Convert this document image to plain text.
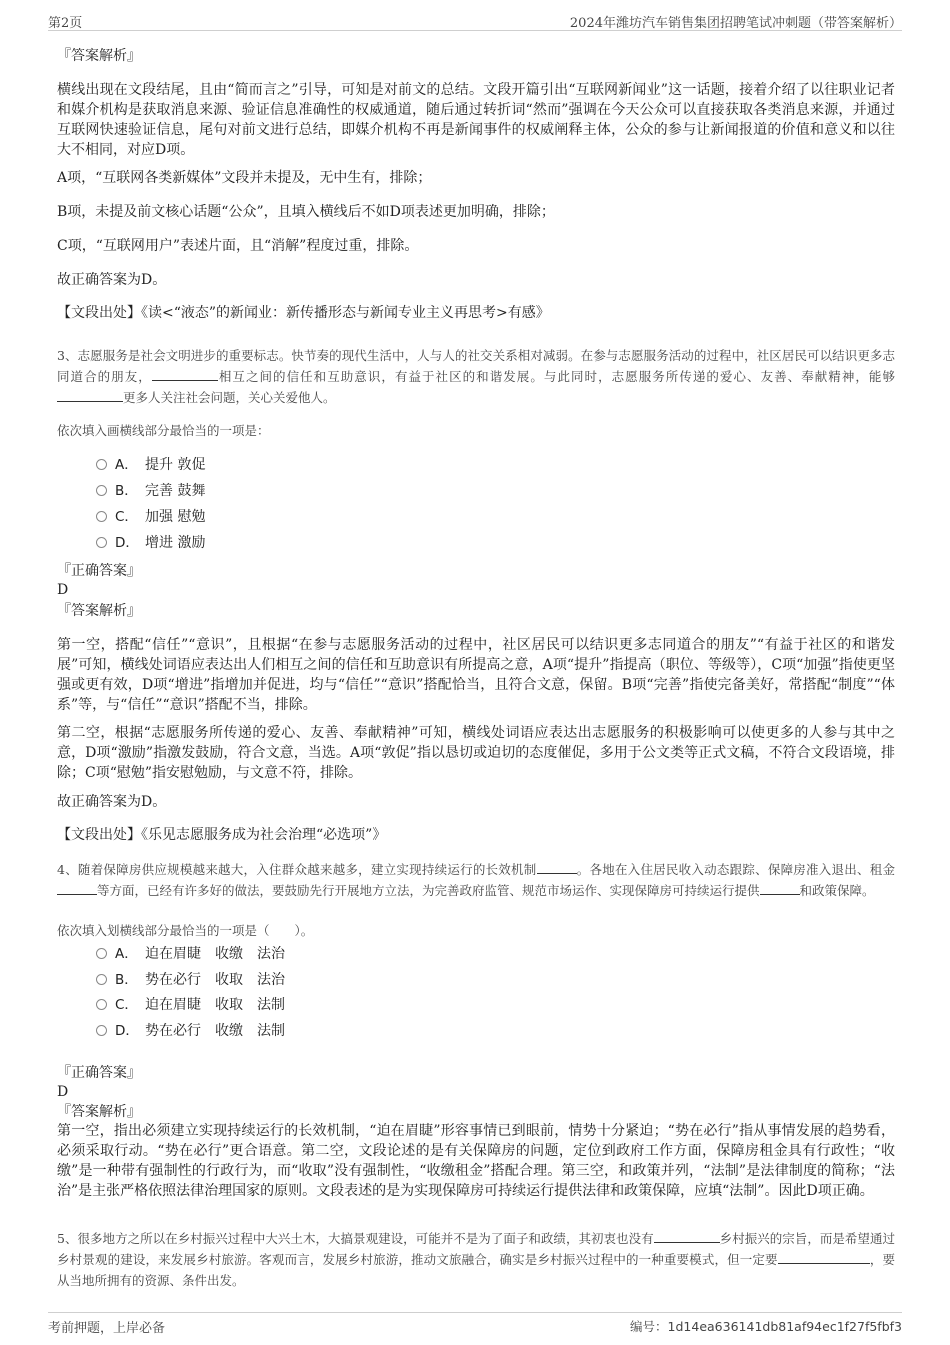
第2页	2024年潍坊汽车销售集团招聘笔试冲刺题（带答案解析）

『答案解析』

横线出现在文段结尾，且由“简而言之”引导，可知是对前文的总结。文段开篇引出“互联网新闻业”这一话题，接着介绍了以往职业记者和媒介机构是获取消息来源、验证信息准确性的权威通道，随后通过转折词“然而”强调在今天公众可以直接获取各类消息来源，并通过互联网快速验证信息，尾句对前文进行总结，即媒介机构不再是新闻事件的权威阐释主体，公众的参与让新闻报道的价值和意义和以往大不相同，对应D项。

A项，“互联网各类新媒体”文段并未提及，无中生有，排除；

B项，未提及前文核心话题“公众”，且填入横线后不如D项表述更加明确，排除；

C项，“互联网用户”表述片面，且“消解”程度过重，排除。

故正确答案为D。

【文段出处】《读<“液态”的新闻业：新传播形态与新闻专业主义再思考>有感》

3、志愿服务是社会文明进步的重要标志。快节奏的现代生活中，人与人的社交关系相对减弱。在参与志愿服务活动的过程中，社区居民可以结识更多志同道合的朋友，	相互之间的信任和互助意识，有益于社区的和谐发展。与此同时，志愿服务所传递的爱心、友善、奉献精神，能够更多人关注社会问题，关心关爱他人。

依次填入画横线部分最恰当的一项是：

A． 提升 敦促
B． 完善 鼓舞
C． 加强 慰勉
D． 增进 激励

『正确答案』

D

『答案解析』

第一空，搭配“信任”“意识”，且根据“在参与志愿服务活动的过程中，社区居民可以结识更多志同道合的朋友”“有益于社区的和谐发展”可知，横线处词语应表达出人们相互之间的信任和互助意识有所提高之意，A项“提升”指提高（职位、等级等），C项“加强”指使更坚强或更有效，D项“增进”指增加并促进，均与“信任”“意识”搭配恰当，且符合文意，保留。B项“完善”指使完备美好，常搭配“制度”“体系”等，与“信任”“意识”搭配不当，排除。

第二空，根据“志愿服务所传递的爱心、友善、奉献精神”可知，横线处词语应表达出志愿服务的积极影响可以使更多的人参与其中之意，D项“激励”指激发鼓励，符合文意，当选。A项“敦促”指以恳切或迫切的态度催促，多用于公文类等正式文稿，不符合文段语境，排除；C项“慰勉”指安慰勉励，与文意不符，排除。

故正确答案为D。

【文段出处】《乐见志愿服务成为社会治理“必选项”》

4、随着保障房供应规模越来越大，入住群众越来越多，建立实现持续运行的长效机制	。各地在入住居民收入动态跟踪、保障房准入退出、租金等方面，已经有许多好的做法，要鼓励先行开展地方立法，为完善政府监管、规范市场运作、实现保障房可持续运行提供	和政策保障。

依次填入划横线部分最恰当的一项是（　　）。

A． 迫在眉睫　收缴　法治
B． 势在必行　收取　法治
C． 迫在眉睫　收取　法制
D． 势在必行　收缴　法制

『正确答案』

D

『答案解析』

第一空，指出必须建立实现持续运行的长效机制，“迫在眉睫”形容事情已到眼前，情势十分紧迫；“势在必行”指从事情发展的趋势看，必须采取行动。“势在必行”更合语意。第二空，文段论述的是有关保障房的问题，定位到政府工作方面，保障房租金具有行政性；“收缴”是一种带有强制性的行政行为，而“收取”没有强制性，“收缴租金”搭配合理。第三空，和政策并列，“法制”是法律制度的简称；“法治”是主张严格依照法律治理国家的原则。文段表述的是为实现保障房可持续运行提供法律和政策保障，应填“法制”。因此D项正确。

5、很多地方之所以在乡村振兴过程中大兴土木，大搞景观建设，可能并不是为了面子和政绩，其初衷也没有	乡村振兴的宗旨，而是希望通过乡村景观的建设，来发展乡村旅游。客观而言，发展乡村旅游，推动文旅融合，确实是乡村振兴过程中的一种重要模式，但一定要	，要从当地所拥有的资源、条件出发。

考前押题，上岸必备	编号：1d14ea636141db81af94ec1f27f5fbf3
